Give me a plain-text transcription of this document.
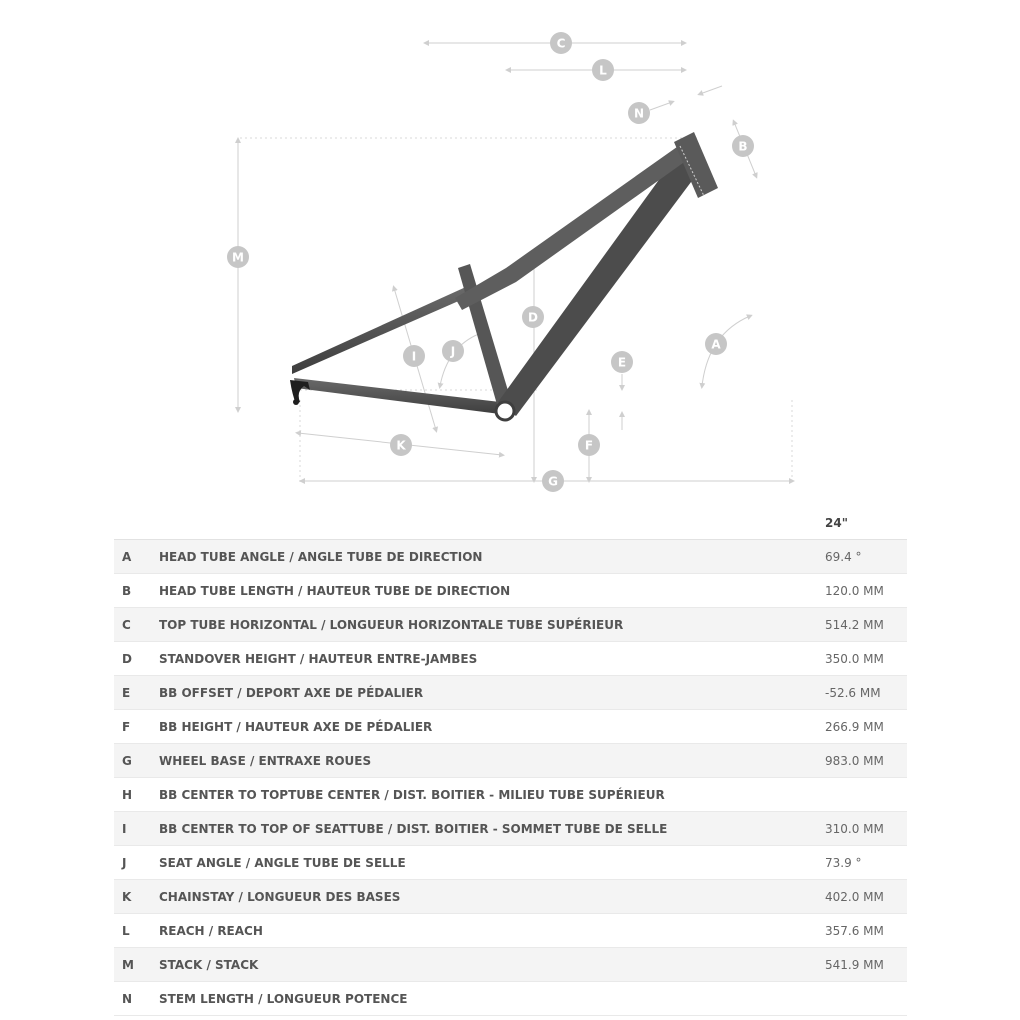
C
L
N
B
M
D
A
J
I	E
K	F
G
		24"
A	HEAD TUBE ANGLE / ANGLE TUBE DE DIRECTION	69.4 °
B	HEAD TUBE LENGTH / HAUTEUR TUBE DE DIRECTION	120.0 MM
C	TOP TUBE HORIZONTAL / LONGUEUR HORIZONTALE TUBE SUPÉRIEUR	514.2 MM
D	STANDOVER HEIGHT / HAUTEUR ENTRE-JAMBES	350.0 MM
E	BB OFFSET / DEPORT AXE DE PÉDALIER	-52.6 MM
F	BB HEIGHT / HAUTEUR AXE DE PÉDALIER	266.9 MM
G	WHEEL BASE / ENTRAXE ROUES	983.0 MM
H	BB CENTER TO TOPTUBE CENTER / DIST. BOITIER - MILIEU TUBE SUPÉRIEUR	
I	BB CENTER TO TOP OF SEATTUBE / DIST. BOITIER - SOMMET TUBE DE SELLE	310.0 MM
J	SEAT ANGLE / ANGLE TUBE DE SELLE	73.9 °
K	CHAINSTAY / LONGUEUR DES BASES	402.0 MM
L	REACH / REACH	357.6 MM
M	STACK / STACK	541.9 MM
N	STEM LENGTH / LONGUEUR POTENCE	
